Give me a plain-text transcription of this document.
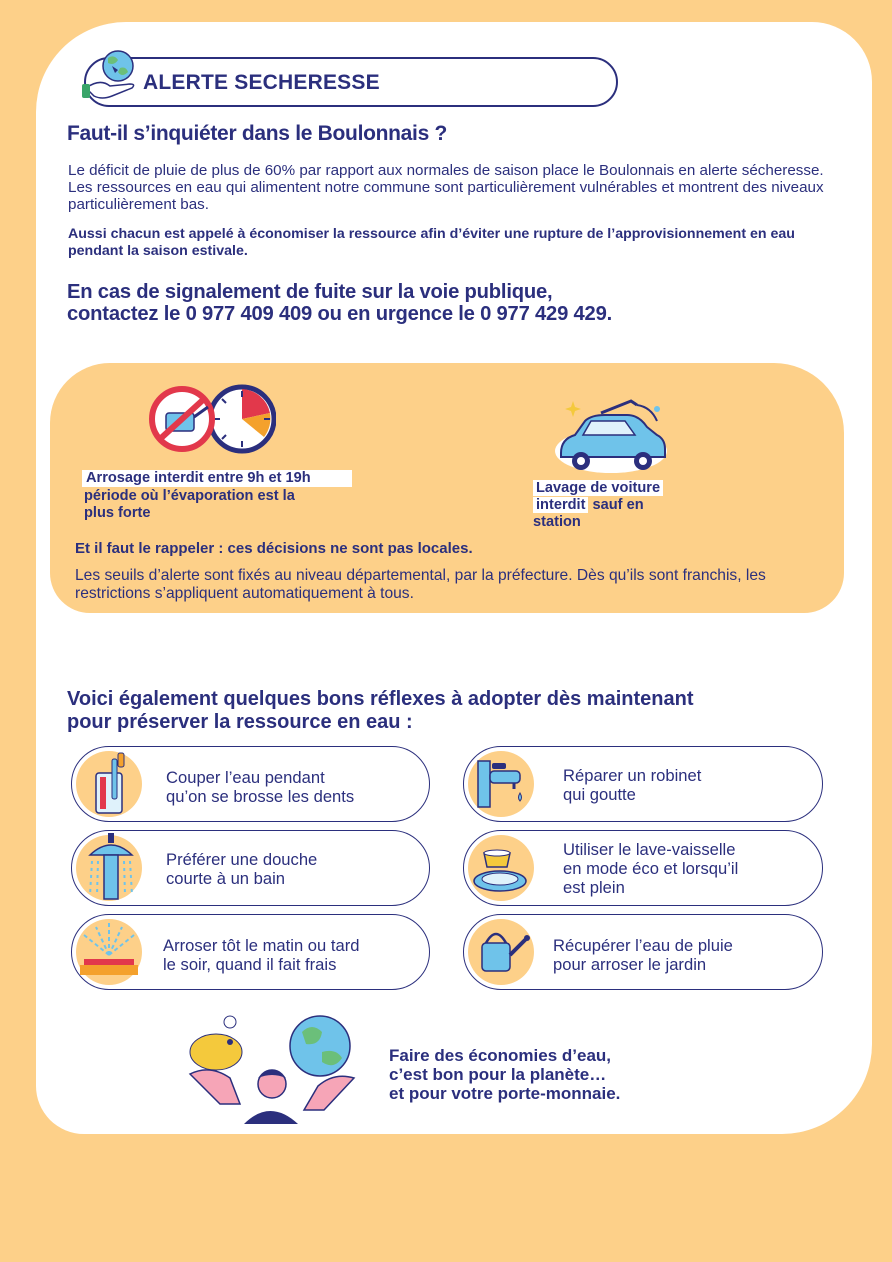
ALERTE SECHERESSE
Faut-il s’inquiéter dans le Boulonnais ?
Le déficit de pluie de plus de 60% par rapport aux normales de saison place le Boulonnais en alerte sécheresse. Les ressources en eau qui alimentent notre commune sont particulièrement vulnérables et montrent des niveaux particulièrement bas.
Aussi chacun est appelé à économiser la ressource afin d’éviter une rupture de l’approvisionnement en eau pendant la saison estivale.
En cas de signalement de fuite sur la voie publique,
contactez le 0 977 409 409 ou en urgence le 0 977 429 429.
Arrosage interdit entre 9h et 19h
période où l’évaporation est la
plus forte
Lavage de voiture
interdit sauf en
station
Et il faut le rappeler : ces décisions ne sont pas locales.
Les seuils d’alerte sont fixés au niveau départemental, par la préfecture. Dès qu’ils sont franchis, les restrictions s’appliquent automatiquement à tous.
Voici également quelques bons réflexes à adopter dès maintenant
pour préserver la ressource en eau :
Couper l’eau pendant
qu’on se brosse les dents
Réparer un robinet
qui goutte
Préférer une douche
courte à un bain
Utiliser le lave-vaisselle
en mode éco et lorsqu’il
est plein
Arroser tôt le matin ou tard
le soir, quand il fait frais
Récupérer l’eau de pluie
pour arroser le jardin
Faire des économies d’eau,
c’est bon pour la planète…
et pour votre porte-monnaie.
